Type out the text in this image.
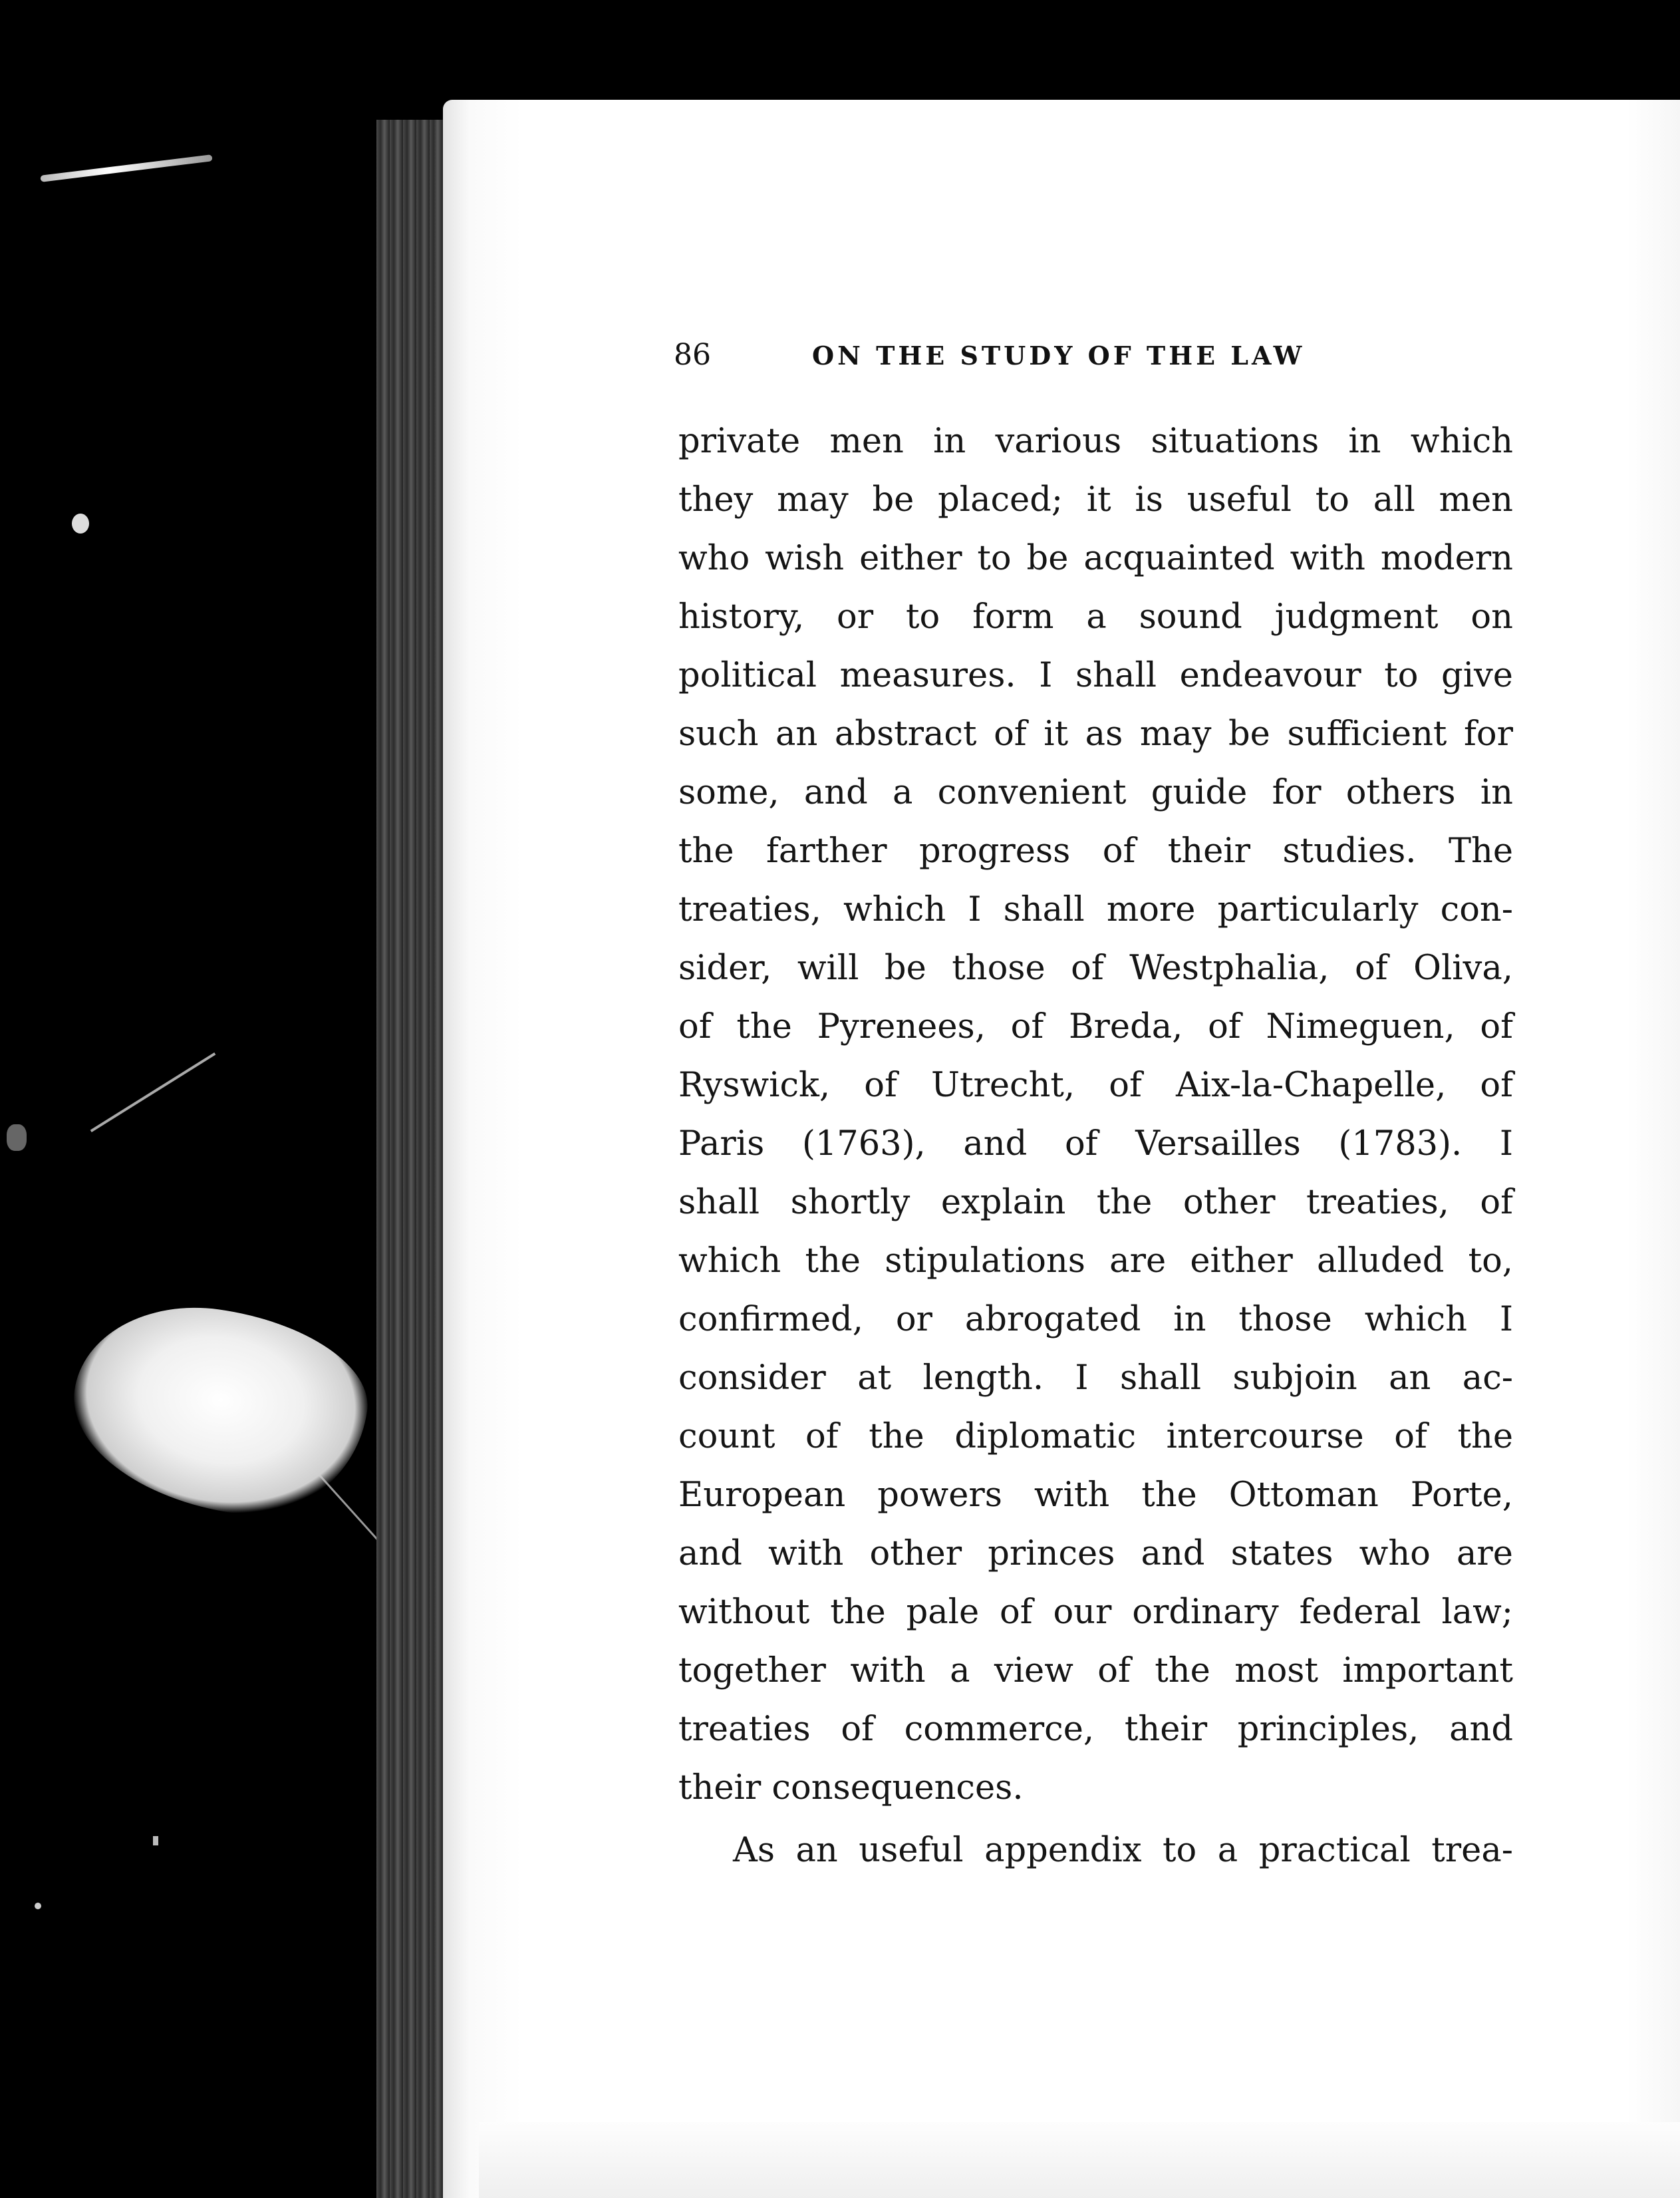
86	ON THE STUDY OF THE LAW
private men in various situations in which
they may be placed; it is useful to all men
who wish either to be acquainted with modern
history, or to form a sound judgment on
political measures. I shall endeavour to give
such an abstract of it as may be sufficient for
some, and a convenient guide for others in
the farther progress of their studies. The
treaties, which I shall more particularly con-
sider, will be those of Westphalia, of Oliva,
of the Pyrenees, of Breda, of Nimeguen, of
Ryswick, of Utrecht, of Aix-la-Chapelle, of
Paris (1763), and of Versailles (1783). I
shall shortly explain the other treaties, of
which the stipulations are either alluded to,
confirmed, or abrogated in those which I
consider at length. I shall subjoin an ac-
count of the diplomatic intercourse of the
European powers with the Ottoman Porte,
and with other princes and states who are
without the pale of our ordinary federal law;
together with a view of the most important
treaties of commerce, their principles, and
their consequences.
As an useful appendix to a practical trea-
